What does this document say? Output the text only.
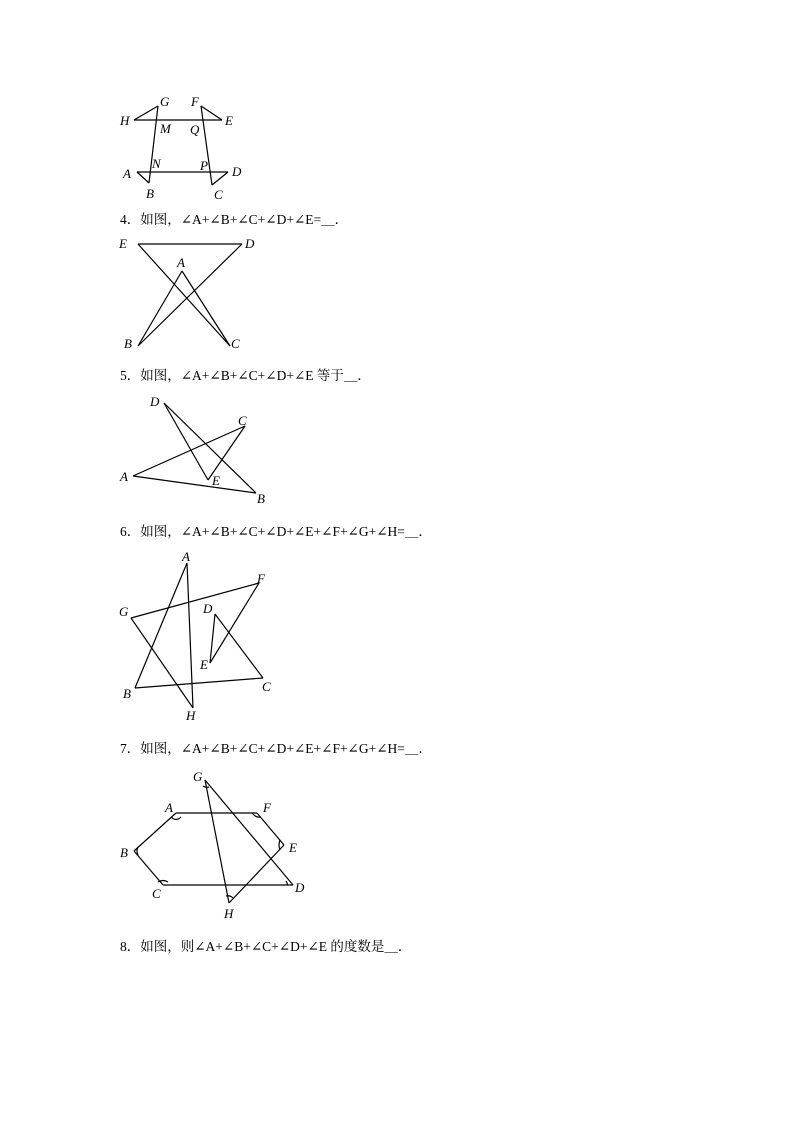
H
G
M
F
Q
E
A
N	P D
B	C
4．如图，∠A+∠B+∠C+∠D+∠E=＿．
E	D
A
B	C
5．如图，∠A+∠B+∠C+∠D+∠E 等于＿．
D
C
A	E
B
6．如图，∠A+∠B+∠C+∠D+∠E+∠F+∠G+∠H=＿．
A
F
G	D
E
B	C
H
7．如图，∠A+∠B+∠C+∠D+∠E+∠F+∠G+∠H=＿．
G
A	F
B	E
C	D
H
8．如图，则∠A+∠B+∠C+∠D+∠E 的度数是＿．
